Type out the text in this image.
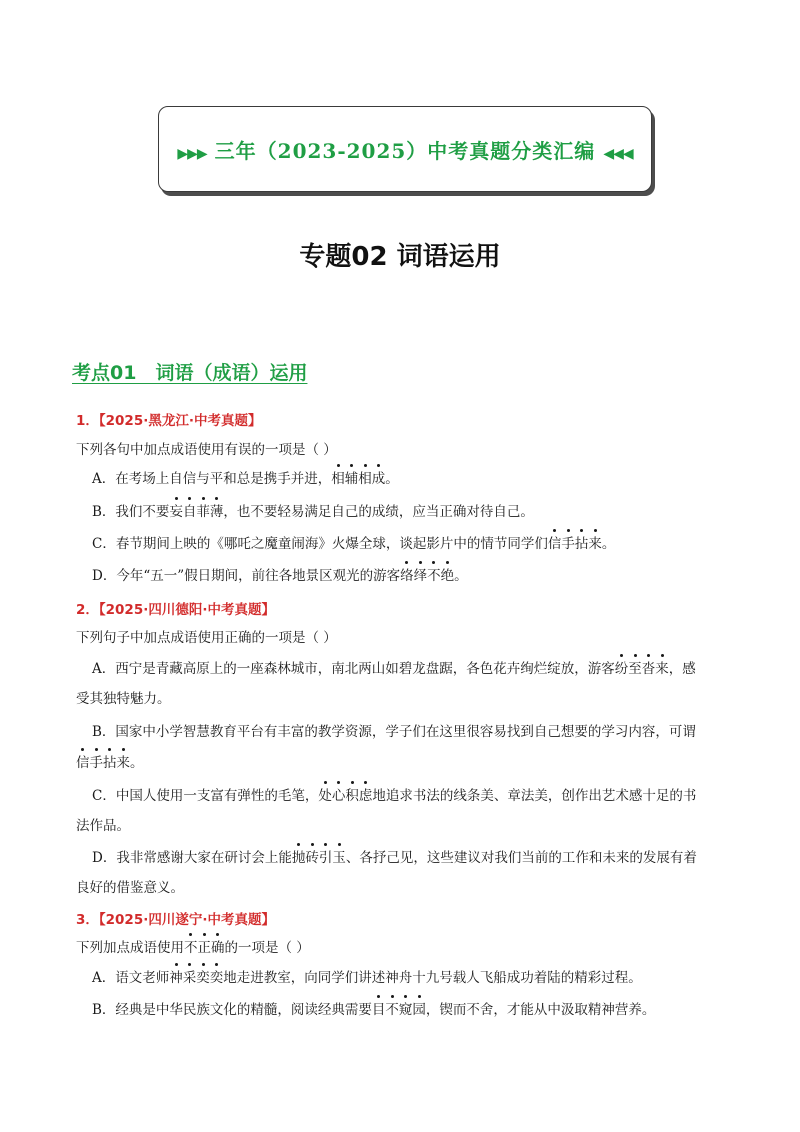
▶▶▶ 三年（2023-2025）中考真题分类汇编 ◀◀◀
专题02 词语运用
考点01　词语（成语）运用
1．【2025·黑龙江·中考真题】
下列各句中加点成语使用有误的一项是（ ）
A．在考场上自信与平和总是携手并进，相辅相成。
B．我们不要妄自菲薄，也不要轻易满足自己的成绩，应当正确对待自己。
C．春节期间上映的《哪吒之魔童闹海》火爆全球，谈起影片中的情节同学们信手拈来。
D．今年“五一”假日期间，前往各地景区观光的游客络绎不绝。
2．【2025·四川德阳·中考真题】
下列句子中加点成语使用正确的一项是（ ）
A．西宁是青藏高原上的一座森林城市，南北两山如碧龙盘踞，各色花卉绚烂绽放，游客纷至沓来，感
受其独特魅力。
B．国家中小学智慧教育平台有丰富的教学资源，学子们在这里很容易找到自己想要的学习内容，可谓
信手拈来。
C．中国人使用一支富有弹性的毛笔，处心积虑地追求书法的线条美、章法美，创作出艺术感十足的书
法作品。
D．我非常感谢大家在研讨会上能抛砖引玉、各抒己见，这些建议对我们当前的工作和未来的发展有着
良好的借鉴意义。
3．【2025·四川遂宁·中考真题】
下列加点成语使用不正确的一项是（ ）
A．语文老师神采奕奕地走进教室，向同学们讲述神舟十九号载人飞船成功着陆的精彩过程。
B．经典是中华民族文化的精髓，阅读经典需要目不窥园，锲而不舍，才能从中汲取精神营养。
